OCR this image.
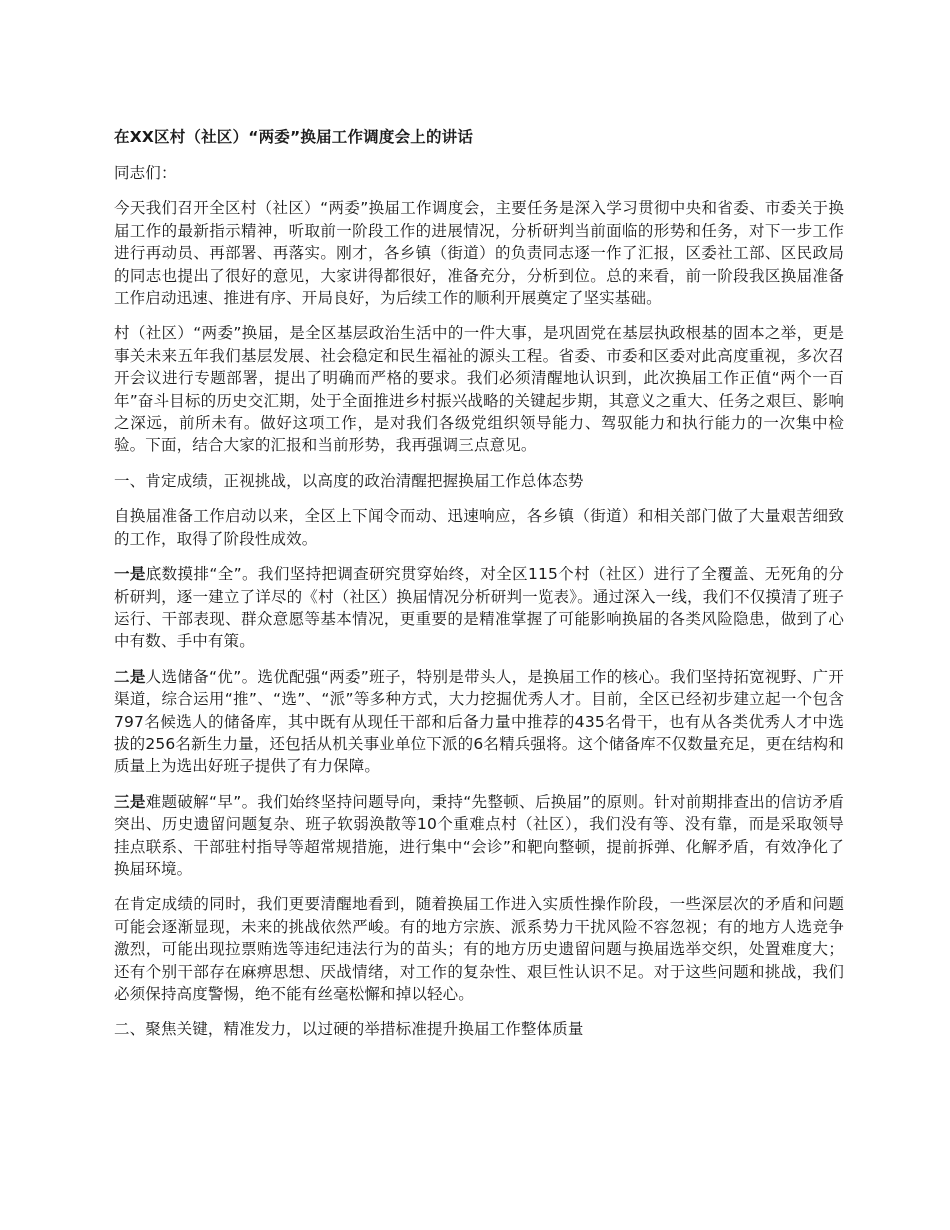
在XX区村（社区）“两委”换届工作调度会上的讲话
同志们：
今天我们召开全区村（社区）“两委”换届工作调度会，主要任务是深入学习贯彻中央和省委、市委关于换届工作的最新指示精神，听取前一阶段工作的进展情况，分析研判当前面临的形势和任务，对下一步工作进行再动员、再部署、再落实。刚才，各乡镇（街道）的负责同志逐一作了汇报，区委社工部、区民政局的同志也提出了很好的意见，大家讲得都很好，准备充分，分析到位。总的来看，前一阶段我区换届准备工作启动迅速、推进有序、开局良好，为后续工作的顺利开展奠定了坚实基础。
村（社区）“两委”换届，是全区基层政治生活中的一件大事，是巩固党在基层执政根基的固本之举，更是事关未来五年我们基层发展、社会稳定和民生福祉的源头工程。省委、市委和区委对此高度重视，多次召开会议进行专题部署，提出了明确而严格的要求。我们必须清醒地认识到，此次换届工作正值“两个一百年”奋斗目标的历史交汇期，处于全面推进乡村振兴战略的关键起步期，其意义之重大、任务之艰巨、影响之深远，前所未有。做好这项工作，是对我们各级党组织领导能力、驾驭能力和执行能力的一次集中检验。下面，结合大家的汇报和当前形势，我再强调三点意见。
一、肯定成绩，正视挑战，以高度的政治清醒把握换届工作总体态势
自换届准备工作启动以来，全区上下闻令而动、迅速响应，各乡镇（街道）和相关部门做了大量艰苦细致的工作，取得了阶段性成效。
一是底数摸排“全”。我们坚持把调查研究贯穿始终，对全区115个村（社区）进行了全覆盖、无死角的分析研判，逐一建立了详尽的《村（社区）换届情况分析研判一览表》。通过深入一线，我们不仅摸清了班子运行、干部表现、群众意愿等基本情况，更重要的是精准掌握了可能影响换届的各类风险隐患，做到了心中有数、手中有策。
二是人选储备“优”。选优配强“两委”班子，特别是带头人，是换届工作的核心。我们坚持拓宽视野、广开渠道，综合运用“推”、“选”、“派”等多种方式，大力挖掘优秀人才。目前，全区已经初步建立起一个包含797名候选人的储备库，其中既有从现任干部和后备力量中推荐的435名骨干，也有从各类优秀人才中选拔的256名新生力量，还包括从机关事业单位下派的6名精兵强将。这个储备库不仅数量充足，更在结构和质量上为选出好班子提供了有力保障。
三是难题破解“早”。我们始终坚持问题导向，秉持“先整顿、后换届”的原则。针对前期排查出的信访矛盾突出、历史遗留问题复杂、班子软弱涣散等10个重难点村（社区），我们没有等、没有靠，而是采取领导挂点联系、干部驻村指导等超常规措施，进行集中“会诊”和靶向整顿，提前拆弹、化解矛盾，有效净化了换届环境。
在肯定成绩的同时，我们更要清醒地看到，随着换届工作进入实质性操作阶段，一些深层次的矛盾和问题可能会逐渐显现，未来的挑战依然严峻。有的地方宗族、派系势力干扰风险不容忽视；有的地方人选竞争激烈，可能出现拉票贿选等违纪违法行为的苗头；有的地方历史遗留问题与换届选举交织，处置难度大；还有个别干部存在麻痹思想、厌战情绪，对工作的复杂性、艰巨性认识不足。对于这些问题和挑战，我们必须保持高度警惕，绝不能有丝毫松懈和掉以轻心。
二、聚焦关键，精准发力，以过硬的举措标准提升换届工作整体质量
